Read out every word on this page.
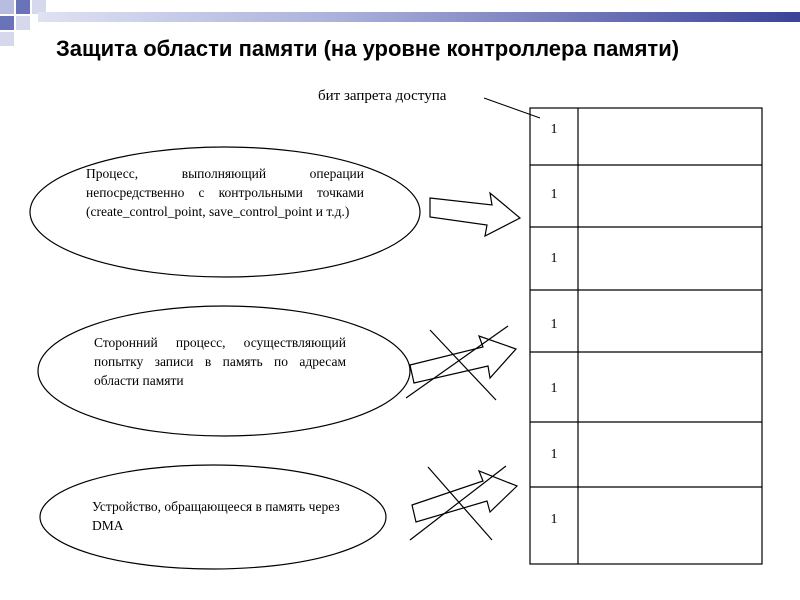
Защита области памяти (на уровне контроллера памяти)
бит запрета доступа
Процесс, выполняющий операции непосредственно с контрольными точками (create_control_point, save_control_point и т.д.)
Сторонний процесс, осуществляющий попытку записи в память по адресам области памяти
Устройство, обращающееся в память через DMA
1
1
1
1
1
1
1
